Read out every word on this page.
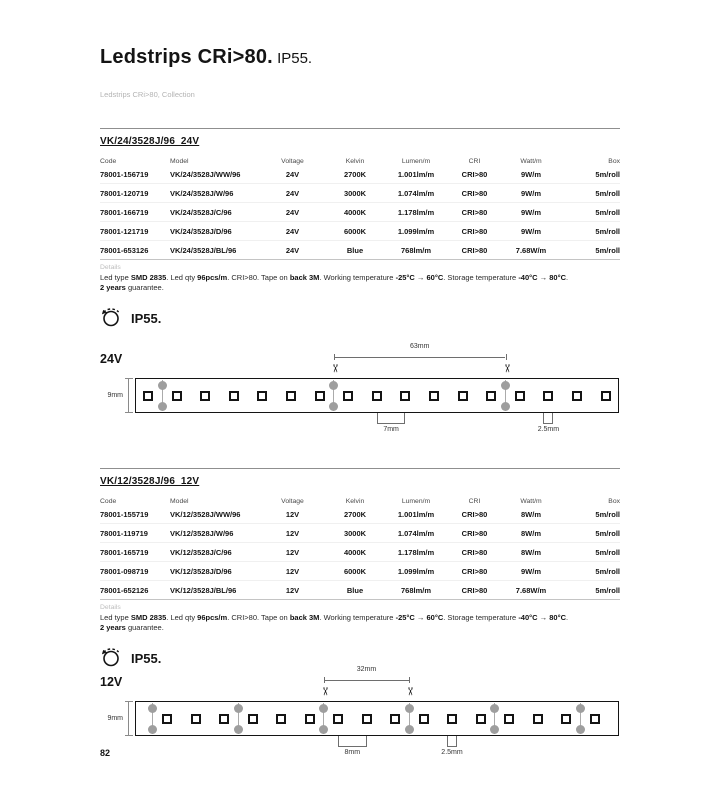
Ledstrips CRi>80. IP55.
Ledstrips CRi>80, Collection
VK/24/3528J/96_24V
Code	Model	Voltage	Kelvin	Lumen/m	CRI	Watt/m	Box
78001-156719	VK/24/3528J/WW/96	24V	2700K	1.001lm/m	CRI>80	9W/m	5m/roll
78001-120719	VK/24/3528J/W/96	24V	3000K	1.074lm/m	CRI>80	9W/m	5m/roll
78001-166719	VK/24/3528J/C/96	24V	4000K	1.178lm/m	CRI>80	9W/m	5m/roll
78001-121719	VK/24/3528J/D/96	24V	6000K	1.099lm/m	CRI>80	9W/m	5m/roll
78001-653126	VK/24/3528J/BL/96	24V	Blue	768lm/m	CRI>80	7.68W/m	5m/roll
Details
Led type SMD 2835. Led qty 96pcs/m. CRI>80. Tape on back 3M. Working temperature -25°C → 60°C. Storage temperature -40°C → 80°C.
2 years guarantee.
IP55.
24V
9mm
63mm
✂	✂
7mm	2.5mm
VK/12/3528J/96_12V
Code	Model	Voltage	Kelvin	Lumen/m	CRI	Watt/m	Box
78001-155719	VK/12/3528J/WW/96	12V	2700K	1.001lm/m	CRI>80	8W/m	5m/roll
78001-119719	VK/12/3528J/W/96	12V	3000K	1.074lm/m	CRI>80	8W/m	5m/roll
78001-165719	VK/12/3528J/C/96	12V	4000K	1.178lm/m	CRI>80	8W/m	5m/roll
78001-098719	VK/12/3528J/D/96	12V	6000K	1.099lm/m	CRI>80	9W/m	5m/roll
78001-652126	VK/12/3528J/BL/96	12V	Blue	768lm/m	CRI>80	7.68W/m	5m/roll
Details
Led type SMD 2835. Led qty 96pcs/m. CRI>80. Tape on back 3M. Working temperature -25°C → 60°C. Storage temperature -40°C → 80°C.
2 years guarantee.
IP55.
12V
9mm
32mm
✂	✂
8mm	2.5mm
82
